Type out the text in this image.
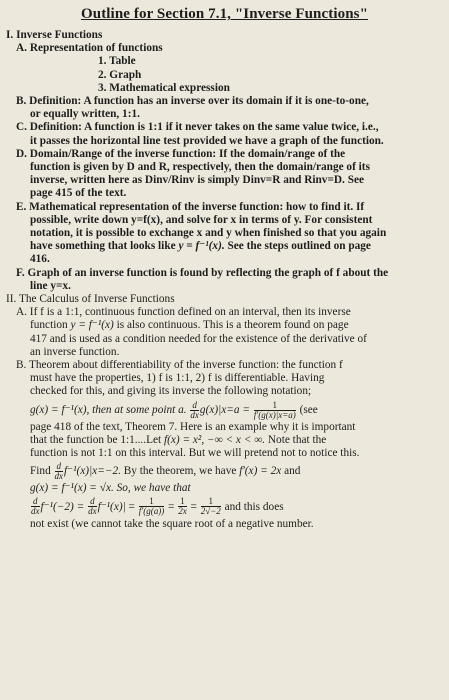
Outline for Section 7.1, "Inverse Functions"
I. Inverse Functions
A. Representation of functions
1. Table
2. Graph
3. Mathematical expression
B. Definition: A function has an inverse over its domain if it is one-to-one,
or equally written, 1:1.
C. Definition: A function is 1:1 if it never takes on the same value twice, i.e.,
it passes the horizontal line test provided we have a graph of the function.
D. Domain/Range of the inverse function: If the domain/range of the
function is given by D and R, respectively, then the domain/range of its
inverse, written here as Dinv/Rinv is simply Dinv=R and Rinv=D. See
page 415 of the text.
E. Mathematical representation of the inverse function: how to find it. If
possible, write down y=f(x), and solve for x in terms of y. For consistent
notation, it is possible to exchange x and y when finished so that you again
have something that looks like y = f⁻¹(x). See the steps outlined on page
416.
F. Graph of an inverse function is found by reflecting the graph of f about the
line y=x.
II. The Calculus of Inverse Functions
A. If f is a 1:1, continuous function defined on an interval, then its inverse
function y = f⁻¹(x) is also continuous. This is a theorem found on page
417 and is used as a condition needed for the existence of the derivative of
an inverse function.
B. Theorem about differentiability of the inverse function: the function f
must have the properties, 1) f is 1:1, 2) f is differentiable. Having
checked for this, and giving its inverse the following notation;
g(x) = f⁻¹(x), then at some point a. $\frac{d}{dx} g(x)|x=a = \frac{1}{f'(g(x)|x=a)} (see$
page 418 of the text, Theorem 7. Here is an example why it is important
that the function be 1:1....Let f(x) = x², −∞ < x < ∞. Note that the
function is not 1:1 on this interval. But we will pretend not to notice this.
Find $\frac{d}{dx} f^{-1}(x)|x=-2$. By the theorem, we have f′(x) = 2x and
g(x) = f⁻¹(x) = √x. So, we have that
$\frac{d}{dx} f^{-1}(-2) = \frac{d}{dx} f^{-1}(x)| = \frac{1}{f'(g(a))} = \frac{1}{2x} = \frac{1}{2√-2}$ and this does
not exist (we cannot take the square root of a negative number.
